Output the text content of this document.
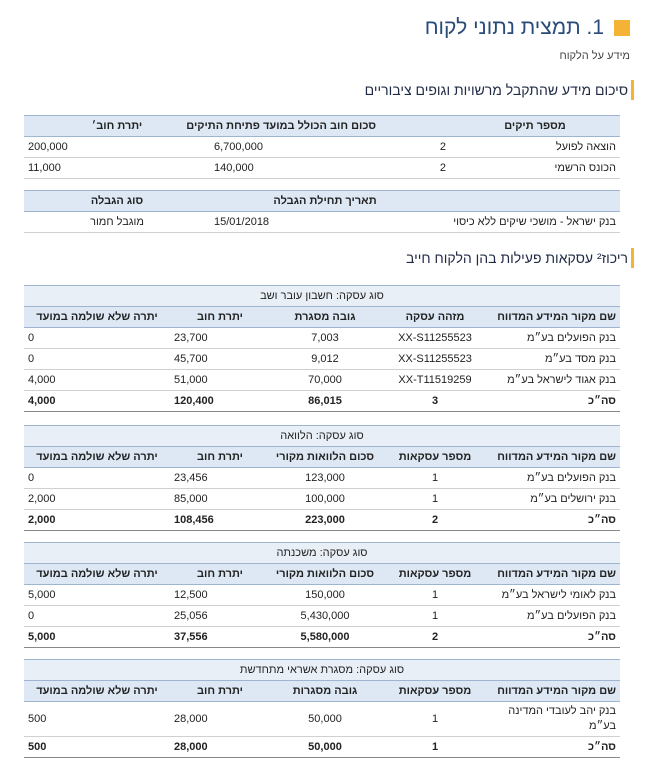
1. תמצית נתוני לקוח
מידע על הלקוח
סיכום מידע שהתקבל מרשויות וגופים ציבוריים
מספר תיקים		סכום חוב הכולל במועד פתיחת התיקים	יתרת חוב׳
הוצאה לפועל	2	6,700,000	200,000
הכונס הרשמי	2	140,000	11,000
	תאריך תחילת הגבלה	סוג הגבלה
בנק ישראל - מושכי שיקים ללא כיסוי	15/01/2018	מוגבל חמור
ריכוז² עסקאות פעילות בהן הלקוח חייב
סוג עסקה: חשבון עובר ושב				
שם מקור המידע המדווח	מזהה עסקה	גובה מסגרת	יתרת חוב	יתרה שלא שולמה במועד
בנק הפועלים בע״מ	XX-S11255523	7,003	23,700	0
בנק מסד בע״מ	XX-S11255523	9,012	45,700	0
בנק אגוד לישראל בע״מ	XX-T11519259	70,000	51,000	4,000
סה״כ	3	86,015	120,400	4,000
סוג עסקה: הלוואה				
שם מקור המידע המדווח	מספר עסקאות	סכום הלוואות מקורי	יתרת חוב	יתרה שלא שולמה במועד
בנק הפועלים בע״מ	1	123,000	23,456	0
בנק ירושלים בע״מ	1	100,000	85,000	2,000
סה״כ	2	223,000	108,456	2,000
סוג עסקה: משכנתה				
שם מקור המידע המדווח	מספר עסקאות	סכום הלוואות מקורי	יתרת חוב	יתרה שלא שולמה במועד
בנק לאומי לישראל בע״מ	1	150,000	12,500	5,000
בנק הפועלים בע״מ	1	5,430,000	25,056	0
סה״כ	2	5,580,000	37,556	5,000
סוג עסקה: מסגרת אשראי מתחדשת				
שם מקור המידע המדווח	מספר עסקאות	גובה מסגרות	יתרת חוב	יתרה שלא שולמה במועד
בנק יהב לעובדי המדינה
בע״מ	1	50,000	28,000	500
סה״כ	1	50,000	28,000	500
